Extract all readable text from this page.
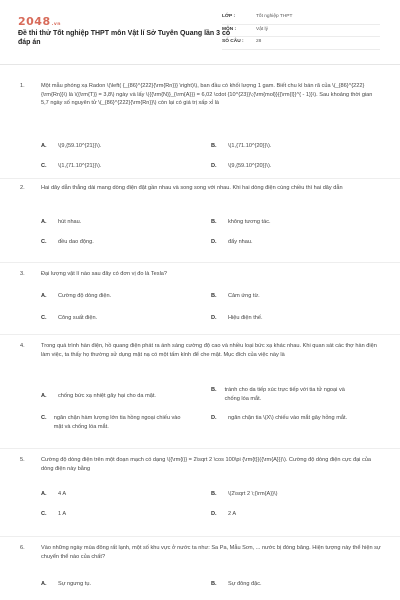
2048.vn
Đề thi thử Tốt nghiệp THPT môn Vật lí Sở Tuyên Quang lần 3 có đáp án
LỚP :	Tốt nghiệp THPT
MÔN :	Vật lý
SỐ CÂU :	28
1.	Một mẫu phóng xạ Radon \(\left( {_{86}^{222}{\rm{Rn}}} \right)\), ban đầu có khối lượng 1 gam. Biết chu kì bán rã của \(_{86}^{222}{\rm{Rn}}\) là \({\rm{T}} = 3,8\) ngày và lấy \({{\rm{N}}_{\rm{A}}} = 6,02 \cdot {10^{23}}\;{\rm{mol}}{{\rm{l}}^{ - 1}}\). Sau khoảng thời gian 5,7 ngày số nguyên tử \(_{86}^{222}{\rm{Rn}}\) còn lại có giá trị xấp xỉ là
A.	\(9,{59.10^{21}}\).	B.	\(1,{71.10^{20}}\).
C.	\(1,{71.10^{21}}\).	D.	\(9,{59.10^{20}}\).
2.	Hai dây dẫn thẳng dài mang dòng điện đặt gần nhau và song song với nhau. Khi hai dòng điện cùng chiều thì hai dây dẫn
A.	hút nhau.	B.	không tương tác.
C.	đều dao động.	D.	đẩy nhau.
3.	Đại lượng vật lí nào sau đây có đơn vị đo là Tesla?
A.	Cường độ dòng điện.	B.	Cảm ứng từ.
C.	Công suất điện.	D.	Hiệu điện thế.
4.	Trong quá trình hàn điện, hồ quang điện phát ra ánh sáng cường độ cao và nhiều loại bức xạ khác nhau. Khi quan sát các thợ hàn điện làm việc, ta thấy họ thường sử dụng mặt nạ có một tấm kính để che mặt. Mục đích của việc này là
A.	chống bức xạ nhiệt gây hại cho da mặt.
B.	tránh cho da tiếp xúc trực tiếp với tia tử ngoại và chống lóa mắt.
C.	ngăn chặn hàm lượng lớn tia hồng ngoại chiếu vào mặt và chống lóa mắt.
D.	ngăn chặn tia \(X\) chiếu vào mắt gây hỏng mắt.
5.	Cường độ dòng điện trên một đoạn mạch có dạng \({\rm{i}} = 2\sqrt 2 \cos 100\pi {\rm{t}}({\rm{A}})\). Cường độ dòng điện cực đại của dòng điện này bằng
A.	4 A	B.	\(2\sqrt 2 \;{\rm{A}}\)
C.	1 A	D.	2 A
6.	Vào những ngày mùa đông rất lạnh, một số khu vực ở nước ta như: Sa Pa, Mẫu Sơn, ... nước bị đóng băng. Hiện tượng này thể hiện sự chuyển thể nào của chất?
A.	Sự ngưng tụ.	B.	Sự đông đặc.
